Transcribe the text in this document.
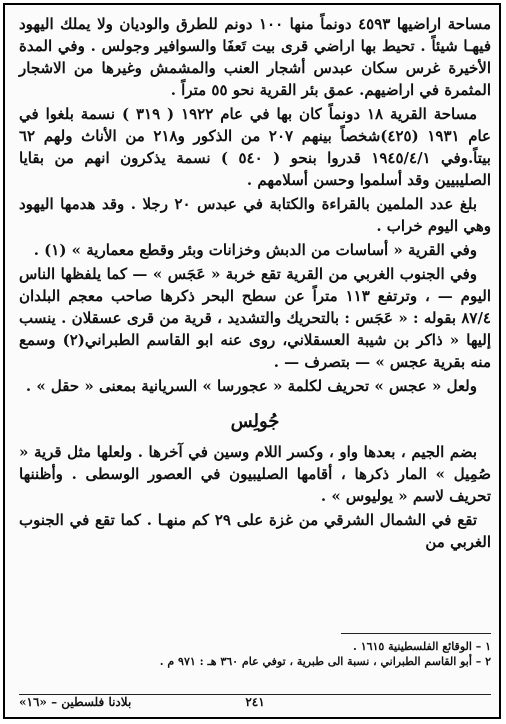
مساحة اراضيها ٤٥٩٣ دونماً منها ١٠٠ دونم للطرق والوديان ولا يملك اليهود فيهـا شيئاً . تحيط بها اراضي قرى بيت تَعفَا والسوافير وجولس . وفي المدة الأخيرة غرس سكان عبدس أشجار العنب والمشمش وغيرها من الاشجار المثمرة في اراضيهم. عمق بئر القرية نحو ٥٥ متراً .

مساحة القرية ١٨ دونماً كان بها في عام ١٩٢٢ ( ٣١٩ ) نسمة بلغوا في عام ١٩٣١ (٤٢٥)شخصاً بينهم ٢٠٧ من الذكور و٢١٨ من الأناث ولهم ٦٢ بيتاً.وفي ١٩٤٥/٤/١ قدروا بنحو ( ٥٤٠ ) نسمة يذكرون انهم من بقايا الصليبيين وقد أسلموا وحسن أسلامهم .

بلغ عدد الملمين بالقراءة والكتابة في عبدس ٢٠ رجلا . وقد هدمها اليهود وهي اليوم خراب .

وفي القرية « أساسات من الدبش وخزانات وبئر وقطع معمارية » (١) .

وفي الجنوب الغربي من القرية تقع خربة « عَجَس » — كما يلفظها الناس اليوم — ، وترتفع ١١٣ متراً عن سطح البحر ذكرها صاحب معجم البلدان ٨٧/٤ بقوله : « عَجَس : بالتحريك والتشديد ، قرية من قرى عسقلان . ينسب إليها « ذاكر بن شيبة العسقلاني، روى عنه ابو القاسم الطبراني(٢) وسمع منه بقرية عجس » — بتصرف — .

ولعل « عجس » تحريف لكلمة « عجورسا » السريانية بمعنى « حقل » .

جُولِس

بضم الجيم ، بعدها واو ، وكسر اللام وسين في آخرها . ولعلها مثل قرية « صُمِيل » المار ذكرها ، أقامها الصليبيون في العصور الوسطى . وأظننها تحريف لاسم « يوليوس » .

تقع في الشمال الشرقي من غزة على ٢٩ كم منهـا . كما تقع في الجنوب الغربي من

١ – الوقائع الفلسطينية ١٦١٥ .
٢ – أبو القاسم الطبراني ، نسبة الى طبرية ، توفي عام ٣٦٠ هـ : ٩٧١ م .
٢٤١
بلادنا فلسطين – «١٦»
